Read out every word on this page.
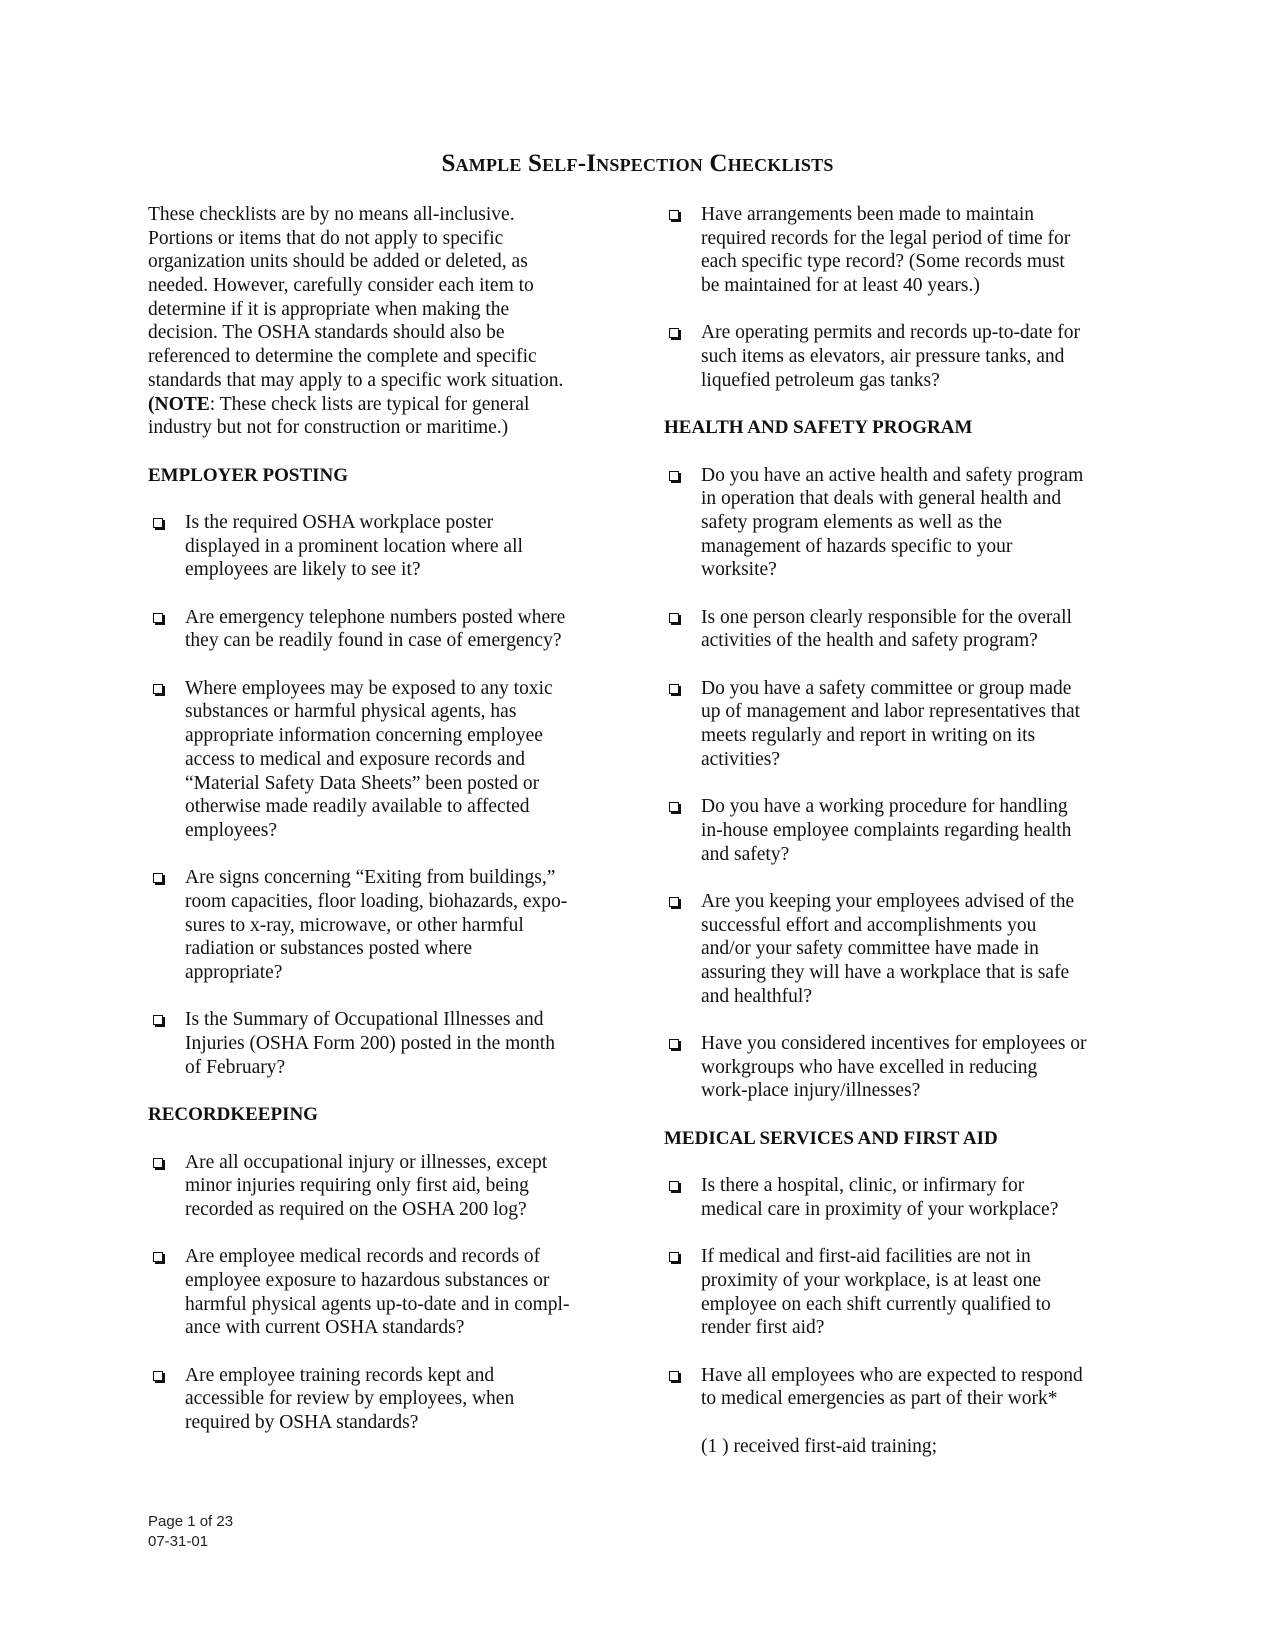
Sample Self-Inspection Checklists
These checklists are by no means all-inclusive.
Portions or items that do not apply to specific
organization units should be added or deleted, as
needed. However, carefully consider each item to
determine if it is appropriate when making the
decision. The OSHA standards should also be
referenced to determine the complete and specific
standards that may apply to a specific work situation.
(NOTE: These check lists are typical for general
industry but not for construction or maritime.)
EMPLOYER POSTING
Is the required OSHA workplace poster
displayed in a prominent location where all
employees are likely to see it?
Are emergency telephone numbers posted where
they can be readily found in case of emergency?
Where employees may be exposed to any toxic
substances or harmful physical agents, has
appropriate information concerning employee
access to medical and exposure records and
“Material Safety Data Sheets” been posted or
otherwise made readily available to affected
employees?
Are signs concerning “Exiting from buildings,”
room capacities, floor loading, biohazards, expo-
sures to x-ray, microwave, or other harmful
radiation or substances posted where
appropriate?
Is the Summary of Occupational Illnesses and
Injuries (OSHA Form 200) posted in the month
of February?
RECORDKEEPING
Are all occupational injury or illnesses, except
minor injuries requiring only first aid, being
recorded as required on the OSHA 200 log?
Are employee medical records and records of
employee exposure to hazardous substances or
harmful physical agents up-to-date and in compl-
ance with current OSHA standards?
Are employee training records kept and
accessible for review by employees, when
required by OSHA standards?
Have arrangements been made to maintain
required records for the legal period of time for
each specific type record? (Some records must
be maintained for at least 40 years.)
Are operating permits and records up-to-date for
such items as elevators, air pressure tanks, and
liquefied petroleum gas tanks?
HEALTH AND SAFETY PROGRAM
Do you have an active health and safety program
in operation that deals with general health and
safety program elements as well as the
management of hazards specific to your
worksite?
Is one person clearly responsible for the overall
activities of the health and safety program?
Do you have a safety committee or group made
up of management and labor representatives that
meets regularly and report in writing on its
activities?
Do you have a working procedure for handling
in-house employee complaints regarding health
and safety?
Are you keeping your employees advised of the
successful effort and accomplishments you
and/or your safety committee have made in
assuring they will have a workplace that is safe
and healthful?
Have you considered incentives for employees or
workgroups who have excelled in reducing
work-place injury/illnesses?
MEDICAL SERVICES AND FIRST AID
Is there a hospital, clinic, or infirmary for
medical care in proximity of your workplace?
If medical and first-aid facilities are not in
proximity of your workplace, is at least one
employee on each shift currently qualified to
render first aid?
Have all employees who are expected to respond
to medical emergencies as part of their work*
(1 ) received first-aid training;
Page 1 of 23
07-31-01
